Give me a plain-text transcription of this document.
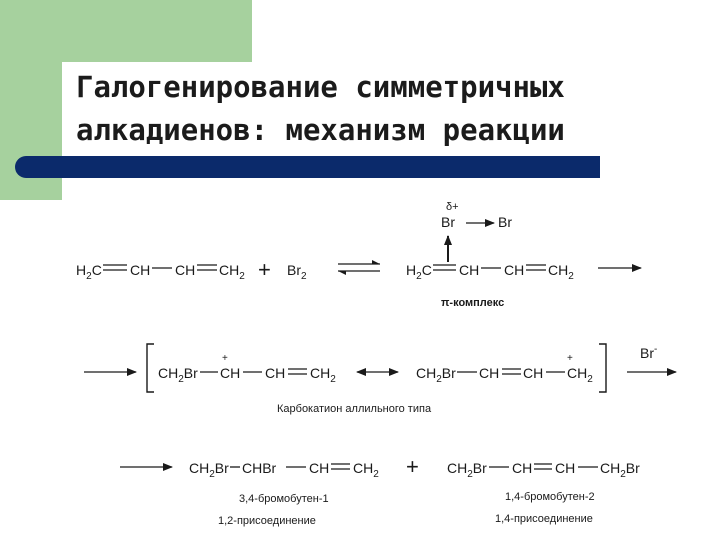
Галогенирование симметричных
алкадиенов: механизм реакции
$H_2C$ CH CH $CH_2 + Br_2$
δ+
Br	Br
$H_2C$ CH CH $CH_2$
π-комплекс
+
$CH_2Br$ CH CH $CH_2$
+
$CH_2Br$ CH CH $CH_2$
Br-
Карбокатион аллильного типа
$CH_2Br$ CHBr CH $CH_2 + CH_2Br$ CH CH $CH_2Br$
3,4-бромобутен-1	1,4-бромобутен-2
1,2-присоединение	1,4-присоединение
